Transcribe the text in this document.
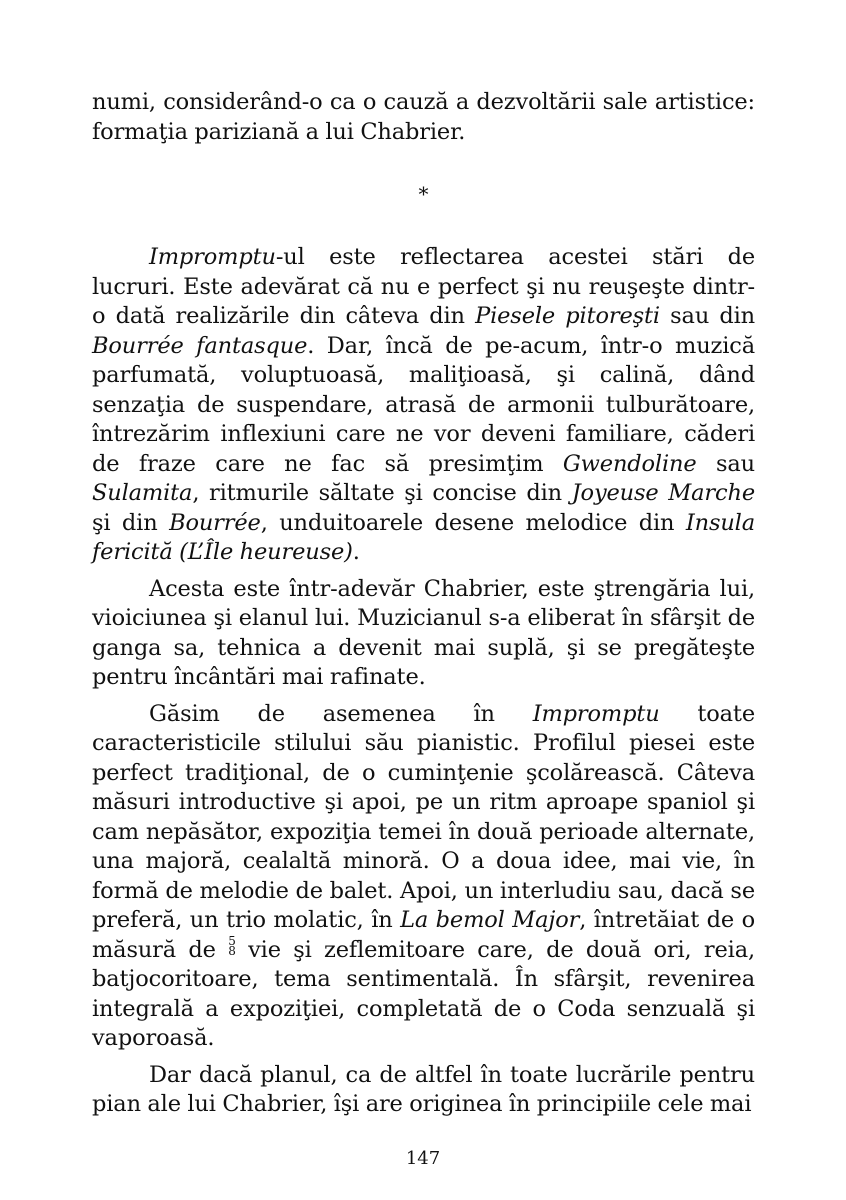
numi, considerând-o ca o cauză a dezvoltării sale artistice: formaţia pariziană a lui Chabrier.

*

Impromptu-ul este reflectarea acestei stări de lucruri. Este adevărat că nu e perfect şi nu reuşeşte dintr-o dată realizările din câteva din Piesele pitoreşti sau din Bourrée fantasque. Dar, încă de pe-acum, într-o muzică parfumată, voluptuoasă, maliţioasă, şi calină, dând senzaţia de suspendare, atrasă de armonii tulburătoare, întrezărim inflexiuni care ne vor deveni familiare, căderi de fraze care ne fac să presimţim Gwendoline sau Sulamita, ritmurile săltate şi concise din Joyeuse Marche şi din Bourrée, unduitoarele desene melodice din Insula fericită (L’Île heureuse).

Acesta este într-adevăr Chabrier, este ştrengăria lui, vioiciunea şi elanul lui. Muzicianul s-a eliberat în sfârşit de ganga sa, tehnica a devenit mai suplă, şi se pregăteşte pentru încântări mai rafinate.

Găsim de asemenea în Impromptu toate caracteristicile stilului său pianistic. Profilul piesei este perfect tradiţional, de o cuminţenie şcolărească. Câteva măsuri introductive şi apoi, pe un ritm aproape spaniol şi cam nepăsător, expoziţia temei în două perioade alternate, una majoră, cealaltă minoră. O a doua idee, mai vie, în formă de melodie de balet. Apoi, un interludiu sau, dacă se preferă, un trio molatic, în La bemol Major, întretăiat de o măsură de 5
8 vie şi zeflemitoare care, de două ori, reia, batjocoritoare, tema sentimentală. În sfârşit, revenirea integrală a expoziţiei, completată de o Coda senzuală şi vaporoasă.

Dar dacă planul, ca de altfel în toate lucrările pentru pian ale lui Chabrier, îşi are originea în principiile cele mai

147
